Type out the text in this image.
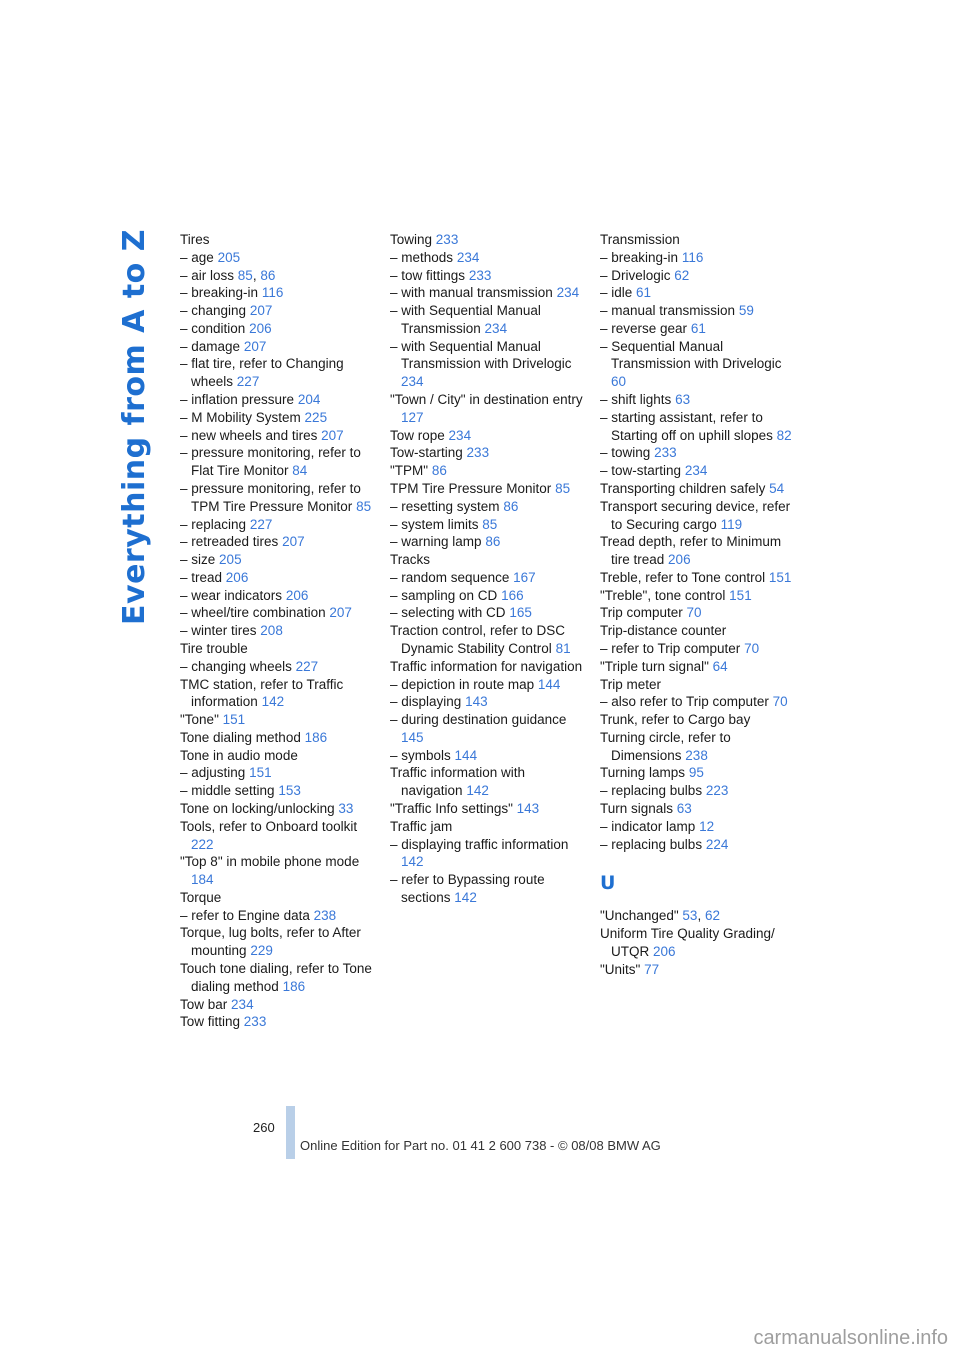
Everything from A to Z Tires
– age 205
– air loss 85, 86
– breaking-in 116
– changing 207
– condition 206
– damage 207
– flat tire, refer to Changing wheels 227
– inflation pressure 204
– M Mobility System 225
– new wheels and tires 207
– pressure monitoring, refer to Flat Tire Monitor 84
– pressure monitoring, refer to TPM Tire Pressure Monitor 85
– replacing 227
– retreaded tires 207
– size 205
– tread 206
– wear indicators 206
– wheel/tire combination 207
– winter tires 208
Tire trouble
– changing wheels 227
TMC station, refer to Traffic information 142
"Tone" 151
Tone dialing method 186
Tone in audio mode
– adjusting 151
– middle setting 153
Tone on locking/unlocking 33
Tools, refer to Onboard toolkit 222
"Top 8" in mobile phone mode 184
Torque
– refer to Engine data 238
Torque, lug bolts, refer to After mounting 229
Touch tone dialing, refer to Tone dialing method 186
Tow bar 234
Tow fitting 233
Towing 233
– methods 234
– tow fittings 233
– with manual transmission 234
– with Sequential Manual Transmission 234
– with Sequential Manual Transmission with Drivelogic 234
"Town / City" in destination entry 127
Tow rope 234
Tow-starting 233
"TPM" 86
TPM Tire Pressure Monitor 85
– resetting system 86
– system limits 85
– warning lamp 86
Tracks
– random sequence 167
– sampling on CD 166
– selecting with CD 165
Traction control, refer to DSC Dynamic Stability Control 81
Traffic information for navigation
– depiction in route map 144
– displaying 143
– during destination guidance 145
– symbols 144
Traffic information with navigation 142
"Traffic Info settings" 143
Traffic jam
– displaying traffic information 142
– refer to Bypassing route sections 142
Transmission
– breaking-in 116
– Drivelogic 62
– idle 61
– manual transmission 59
– reverse gear 61
– Sequential Manual Transmission with Drivelogic 60
– shift lights 63
– starting assistant, refer to Starting off on uphill slopes 82
– towing 233
– tow-starting 234
Transporting children safely 54
Transport securing device, refer to Securing cargo 119
Tread depth, refer to Minimum tire tread 206
Treble, refer to Tone control 151
"Treble", tone control 151
Trip computer 70
Trip-distance counter
– refer to Trip computer 70
"Triple turn signal" 64
Trip meter
– also refer to Trip computer 70
Trunk, refer to Cargo bay
Turning circle, refer to Dimensions 238
Turning lamps 95
– replacing bulbs 223
Turn signals 63
– indicator lamp 12
– replacing bulbs 224
U
"Unchanged" 53, 62
Uniform Tire Quality Grading/ UTQR 206
"Units" 77
260
Online Edition for Part no. 01 41 2 600 738 - © 08/08 BMW AG
carmanualsonline.info
